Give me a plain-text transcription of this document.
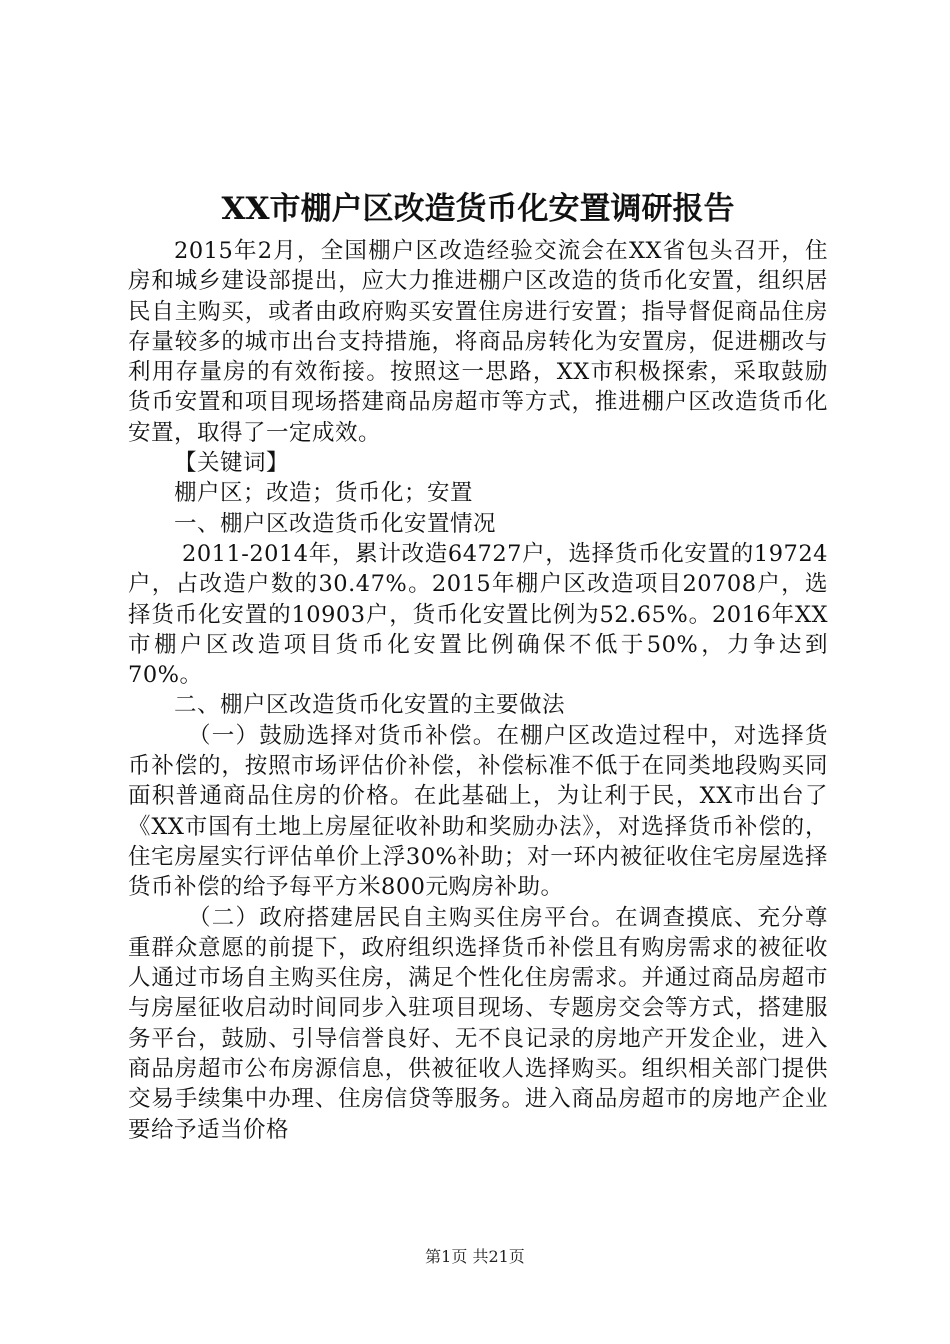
XX市棚户区改造货币化安置调研报告

2015年2月，全国棚户区改造经验交流会在XX省包头召开，住房和城乡建设部提出，应大力推进棚户区改造的货币化安置，组织居民自主购买，或者由政府购买安置住房进行安置；指导督促商品住房存量较多的城市出台支持措施，将商品房转化为安置房，促进棚改与利用存量房的有效衔接。按照这一思路，XX市积极探索，采取鼓励货币安置和项目现场搭建商品房超市等方式，推进棚户区改造货币化安置，取得了一定成效。

【关键词】

棚户区；改造；货币化；安置

一、棚户区改造货币化安置情况

2011-2014年，累计改造64727户，选择货币化安置的19724户，占改造户数的30.47%。2015年棚户区改造项目20708户，选择货币化安置的10903户，货币化安置比例为52.65%。2016年XX市棚户区改造项目货币化安置比例确保不低于50%，力争达到70%。

二、棚户区改造货币化安置的主要做法

（一）鼓励选择对货币补偿。在棚户区改造过程中，对选择货币补偿的，按照市场评估价补偿，补偿标准不低于在同类地段购买同面积普通商品住房的价格。在此基础上，为让利于民，XX市出台了《XX市国有土地上房屋征收补助和奖励办法》，对选择货币补偿的，住宅房屋实行评估单价上浮30%补助；对一环内被征收住宅房屋选择货币补偿的给予每平方米800元购房补助。

（二）政府搭建居民自主购买住房平台。在调查摸底、充分尊重群众意愿的前提下，政府组织选择货币补偿且有购房需求的被征收人通过市场自主购买住房，满足个性化住房需求。并通过商品房超市与房屋征收启动时间同步入驻项目现场、专题房交会等方式，搭建服务平台，鼓励、引导信誉良好、无不良记录的房地产开发企业，进入商品房超市公布房源信息，供被征收人选择购买。组织相关部门提供交易手续集中办理、住房信贷等服务。进入商品房超市的房地产企业要给予适当价格

第1页 共21页
